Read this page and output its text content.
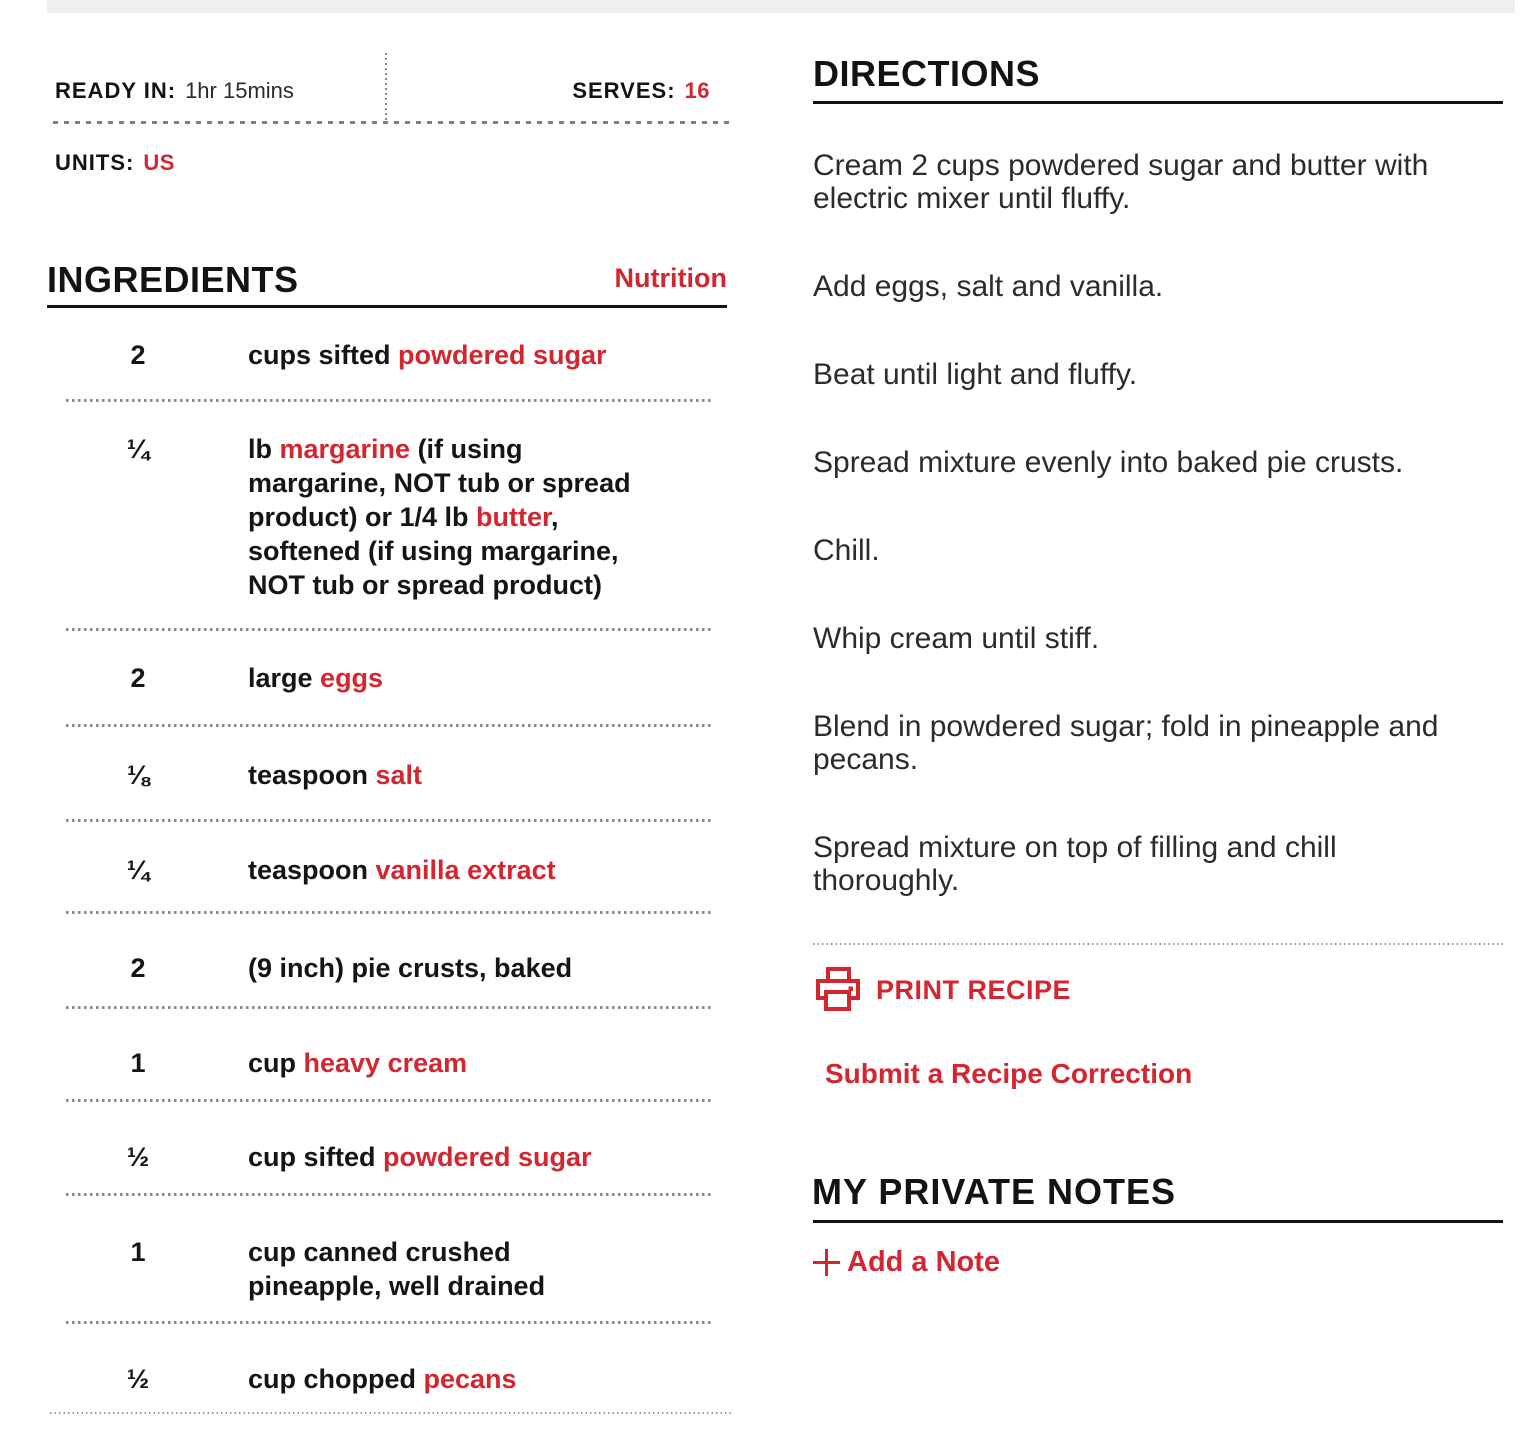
READY IN: 1hr 15mins	SERVES: 16
UNITS: US
INGREDIENTS	Nutrition
2	cups sifted powdered sugar
¼	lb margarine (if using margarine, NOT tub or spread product) or 1/4 lb butter, softened (if using margarine, NOT tub or spread product)
2	large eggs
⅛	teaspoon salt
¼	teaspoon vanilla extract
2	(9 inch) pie crusts, baked
1	cup heavy cream
½	cup sifted powdered sugar
1	cup canned crushed pineapple, well drained
½	cup chopped pecans
DIRECTIONS

Cream 2 cups powdered sugar and butter with electric mixer until fluffy.

Add eggs, salt and vanilla.

Beat until light and fluffy.

Spread mixture evenly into baked pie crusts.

Chill.

Whip cream until stiff.

Blend in powdered sugar; fold in pineapple and pecans.

Spread mixture on top of filling and chill thoroughly.

PRINT RECIPE
Submit a Recipe Correction
MY PRIVATE NOTES
Add a Note
